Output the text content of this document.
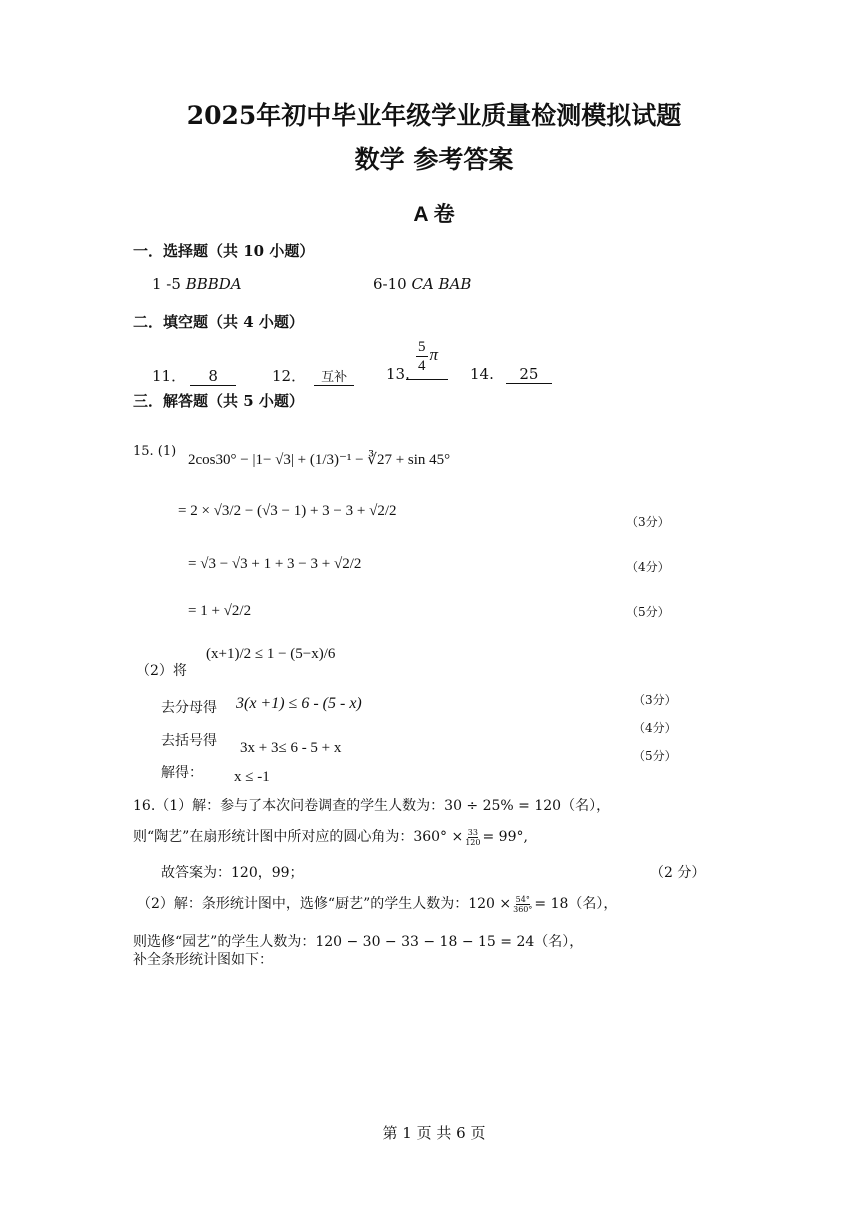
2025年初中毕业年级学业质量检测模拟试题
数学 参考答案
A 卷
一．选择题（共 10 小题）
1 -5 BBBDA	6-10 CA BAB
二．填空题（共 4 小题）
11． 8	12． 互补	13. $\frac{5}{4}$ π
14. 25
三．解答题（共 5 小题）
15. (1)
2cos30° − |1− √3| + (1/3)⁻¹ − ∛27 + sin 45°
= 2 × √3/2 − (√3 − 1) + 3 − 3 + √2/2
= √3 − √3 + 1 + 3 − 3 + √2/2
= 1 + √2/2
（3分）
（4分）
（5分）
（2）将
(x+1)/2 ≤ 1 − (5−x)/6
去分母得 3(x +1) ≤ 6 - (5 - x)
去括号得 3x + 3≤ 6 - 5 + x
解得： x ≤ -1
（3分）
（4分）
（5分）
16.（1）解：参与了本次问卷调查的学生人数为：30 ÷ 25% = 120（名），
则“陶艺”在扇形统计图中所对应的圆心角为：$360^\circ \times \frac{33}{120} = 99^\circ$,
故答案为：120，99；	（2 分）
（2）解：条形统计图中，选修“厨艺”的学生人数为：$120 \times \frac{54^\circ}{360^\circ} = 18$（名），
则选修“园艺”的学生人数为：120 − 30 − 33 − 18 − 15 = 24（名），
补全条形统计图如下：
第 1 页 共 6 页
